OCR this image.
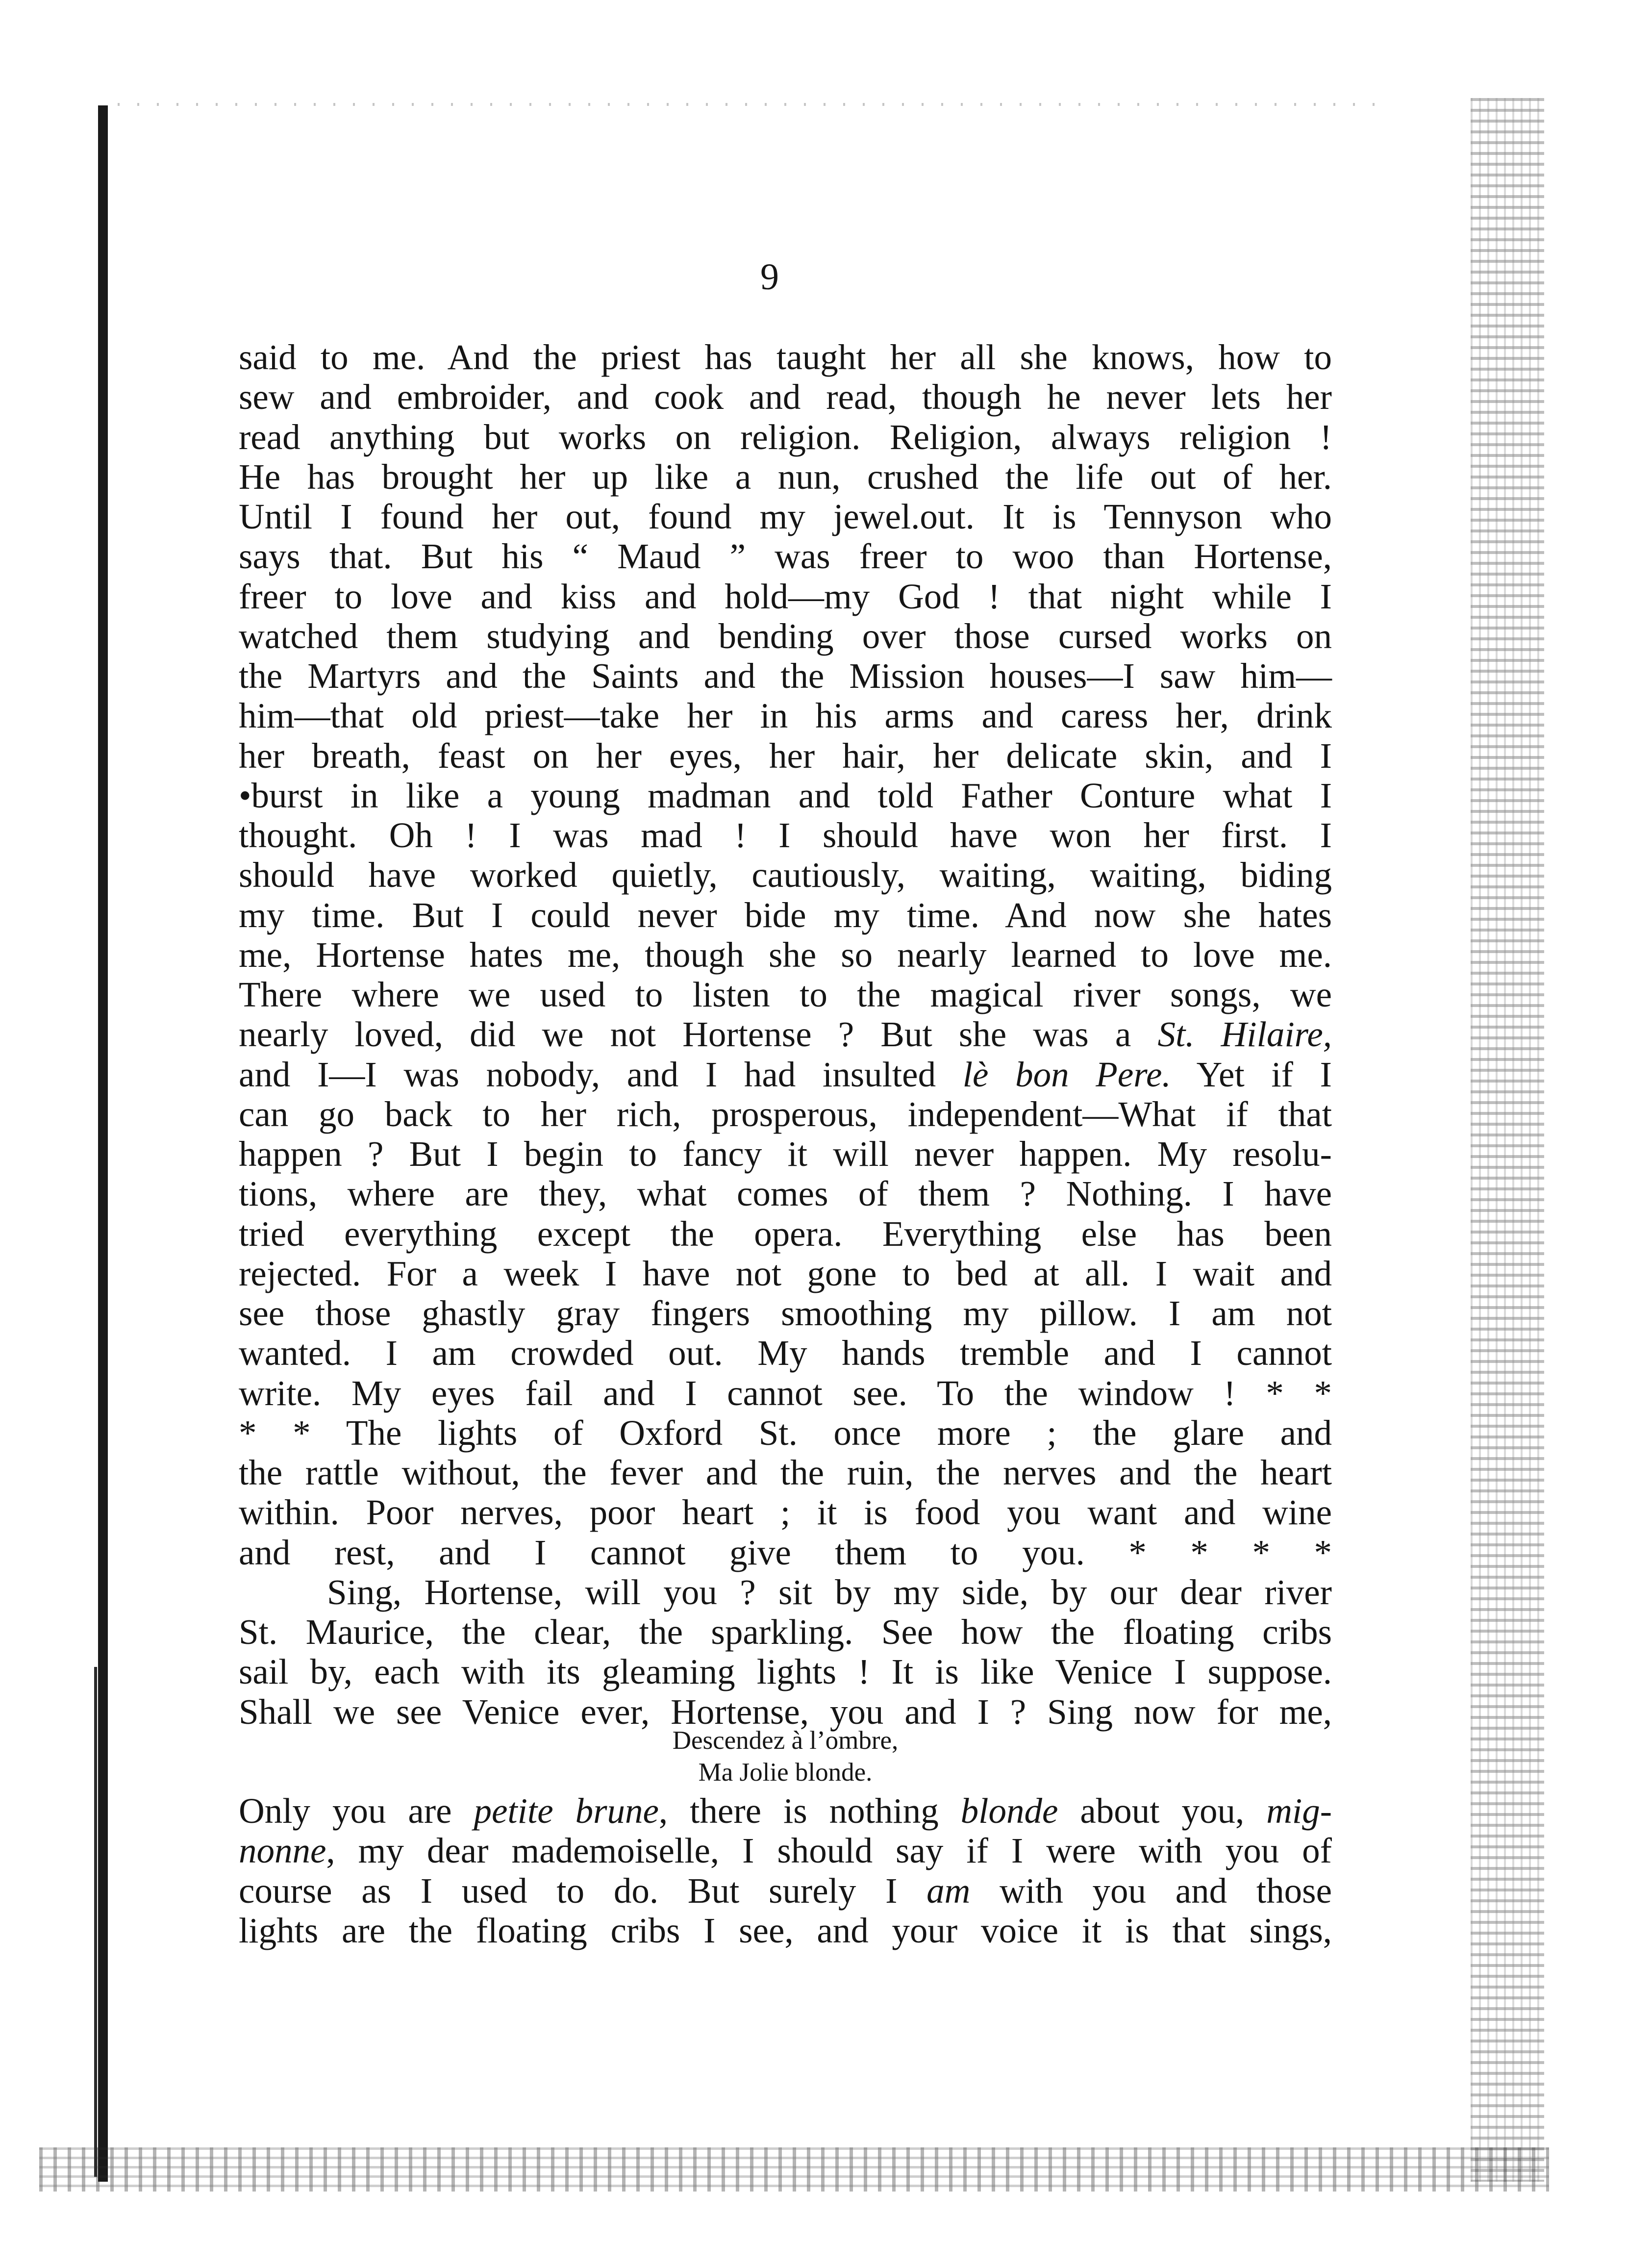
9
said to me. And the priest has taught her all she knows, how to
sew and embroider, and cook and read, though he never lets her
read anything but works on religion. Religion, always religion !
He has brought her up like a nun, crushed the life out of her.
Until I found her out, found my jewel.out. It is Tennyson who
says that. But his “ Maud ” was freer to woo than Hortense,
freer to love and kiss and hold—my God ! that night while I
watched them studying and bending over those cursed works on
the Martyrs and the Saints and the Mission houses—I saw him—
him—that old priest—take her in his arms and caress her, drink
her breath, feast on her eyes, her hair, her delicate skin, and I
•burst in like a young madman and told Father Conture what I
thought. Oh ! I was mad ! I should have won her first. I
should have worked quietly, cautiously, waiting, waiting, biding
my time. But I could never bide my time. And now she hates
me, Hortense hates me, though she so nearly learned to love me.
There where we used to listen to the magical river songs, we
nearly loved, did we not Hortense ? But she was a St. Hilaire,
and I—I was nobody, and I had insulted lè bon Pere. Yet if I
can go back to her rich, prosperous, independent—What if that
happen ? But I begin to fancy it will never happen. My resolu-
tions, where are they, what comes of them ? Nothing. I have
tried everything except the opera. Everything else has been
rejected. For a week I have not gone to bed at all. I wait and
see those ghastly gray fingers smoothing my pillow. I am not
wanted. I am crowded out. My hands tremble and I cannot
write. My eyes fail and I cannot see. To the window ! * *
* * The lights of Oxford St. once more ; the glare and
the rattle without, the fever and the ruin, the nerves and the heart
within. Poor nerves, poor heart ; it is food you want and wine
and rest, and I cannot give them to you. * * * *
Sing, Hortense, will you ? sit by my side, by our dear river
St. Maurice, the clear, the sparkling. See how the floating cribs
sail by, each with its gleaming lights ! It is like Venice I suppose.
Shall we see Venice ever, Hortense, you and I ? Sing now for me,
Descendez à l’ombre,
Ma Jolie blonde.
Only you are petite brune, there is nothing blonde about you, mig-
nonne, my dear mademoiselle, I should say if I were with you of
course as I used to do. But surely I am with you and those
lights are the floating cribs I see, and your voice it is that sings,
